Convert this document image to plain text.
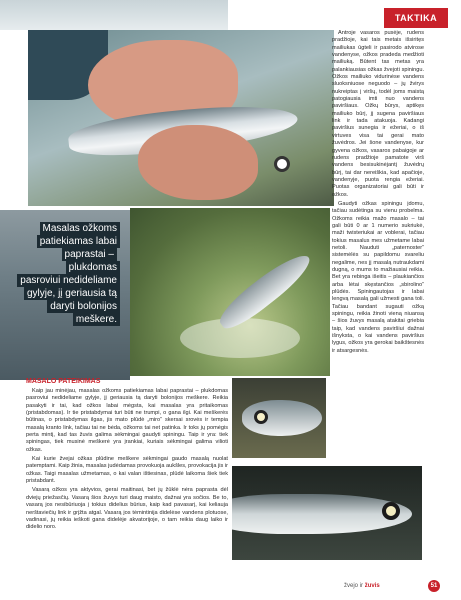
TAKTIKA
Masalas ožkoms
patiekiamas labai
paprastai – plukdomas
pasroviui nedideliame
gylyje, jį geriausia tą
daryti bolonijos
meškere.

Antroje vasaros pusėje, rudens pradžioje, kai tais metais išsiritęs mailiukas ūgteli ir pasirodo atvirose vandenyse, ožkos pradeda medžioti mailiuką. Būtent tas metas yra palankiausias ožkas žvejoti spiningu. Ožkos mailiuko vidurinėse vandens sluoksniuose neguodo – jų žvirys nukreiptas į viršų, todėl joms maistą patogiausia imti nuo vandens paviršiaus. Ožkų būrys, aptikęs mailiuko būrį, jį sugena paviršiaus link ir tada atakuoja. Kadangi paviršius sunegia ir ežeriai, o iš virtuves visa tai gerai mato žuvėdros. Jei šone vandenyse, kur gyvena ožkos, vasaros pabaigoje ar rudens pradžioje pamatote virš vandens besisukinėjantį žuvėdrų būrį, tai dar nereiškia, kad apačioje, vandenyje, puota rengia ežeriai. Puotas organizatoriai gali būti ir ožkos.

Gaudyti ožkas spiningu įdomu, tačiau sudėtinga su vienu probelma. Ožkoms reikia mažo masalo – tai gali būti 0 ar 1 numerio sukriukė, maži twisteriukai ar voblerai, tačiau tokius masalus mes užmetame labai netoli. Nauduti „paternoster“ sistemėlės su papildomu svareliu negalime, nes jį masalą nutraukdami dugną, o mums to mažiausiai reikia. Bet yra rebinga išeitis – plaukiančios arba lėtai skęstančios „sbirolino“ plūdės. Spiningautojas ir labai lengvą masalą gali užmesti gana toli. Tačiau bandant sugauti ožką spiningu, reikia žinoti vieną niuansą – šios žuvys masalą atakitai griebia taip, kad vandens paviršiui dažnai išnyksta, o kai vandens paviršius lygus, ožkos yra gerokai baikštesnės ir atsargesnės.

MASALO PATEIKIMAS

Kaip jau minėjau, masalas ožkoms patiekiamas labai paprastai – plukdomas pasroviui nedideliame gylyje, jį geriausia tą daryti bolonijos meškere. Reikia pasakyti ir tai, kad ožkos labai mėgsta, kai masalas yra pritaikomas (pristabdomas). Ir tie pristabdymai turi būti ne trumpi, o gana ilgi. Kai meškerės būtinas, o pristabdymas ilgas, jis mato plūdė „miro“ skersai srovės ir tempia masalą kranto link, tačiau tai ne bėda, ožkoms tai net patinka. Ir toks jų pomėgis perta mintį, kad tas žuvis galima sėkmingai gaudyti spiningu. Taip ir yra: tiek spiningas, tiek musinė meškerė yra įrankiai, kuriais sėkmingai galima vilioti ožkas.

Kai kurie žvejai ožkas plūdine meškere sėkmingai gaudo masalą nuolat patemptami. Kaip žinia, masalas judėdamas provokuoja aukšles, provokacija jis ir ožkas. Taigi masalas užmetamas, o kai valan ištiesinas, plūdė laikoma šiek tiek pristabdant.

Vasarą ožkos yra aktyvios, gerai maitinasi, bet jų žūklė nėra paprasta dėl dviejų priežasčių. Vasarą šios žuvys turi daug maisto, dažnai yra sočios. Be to, vasarą jos nesibūriuoja į tokius didelius būrius, kaip kad pavasarį, kai keliauja nerštaviečių link ir grįžta atgal. Vasarą jos tėmintinija didelėse vandens plotuose, vadinasi, jų reikia ieškoti gana didelėje akvatorijoje, o tam reikia daug laiko ir didelio noro.

žvejo ir žuvis	51
